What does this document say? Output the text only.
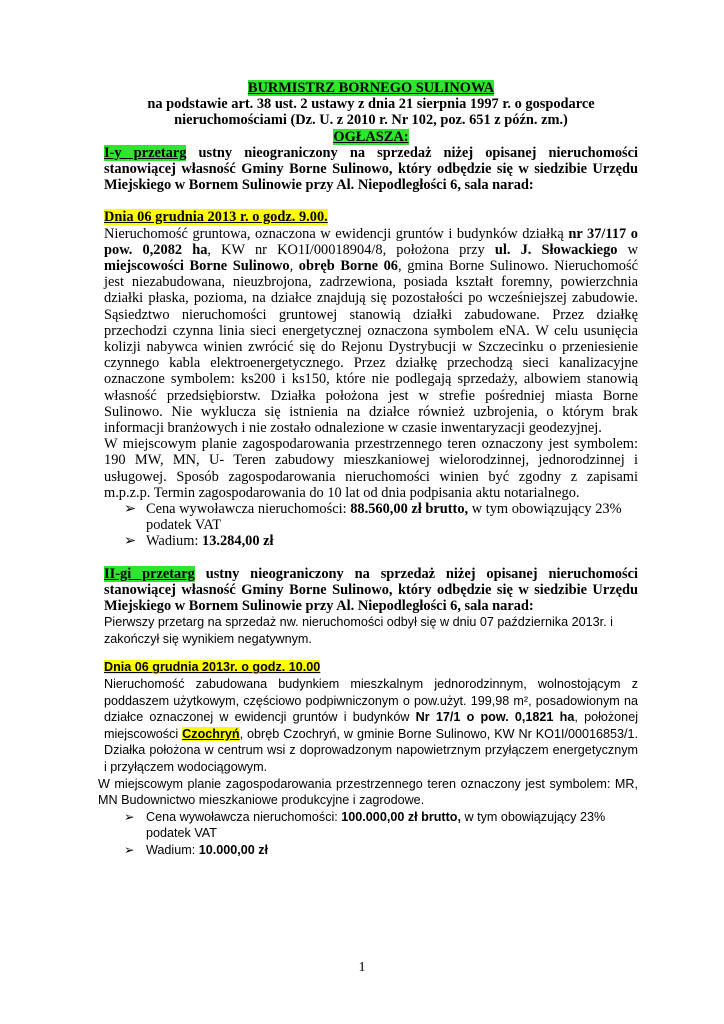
BURMISTRZ BORNEGO SULINOWA
na podstawie art. 38 ust. 2 ustawy z dnia 21 sierpnia 1997 r. o gospodarce
nieruchomościami (Dz. U. z 2010 r. Nr 102, poz. 651 z późn. zm.)
OGŁASZA:
I-y przetarg ustny nieograniczony na sprzedaż niżej opisanej nieruchomości stanowiącej własność Gminy Borne Sulinowo, który odbędzie się w siedzibie Urzędu Miejskiego w Bornem Sulinowie przy Al. Niepodległości 6, sala narad:
Dnia 06 grudnia 2013 r. o godz. 9.00.
Nieruchomość gruntowa, oznaczona w ewidencji gruntów i budynków działką nr 37/117 o pow. 0,2082 ha, KW nr KO1I/00018904/8, położona przy ul. J. Słowackiego w miejscowości Borne Sulinowo, obręb Borne 06, gmina Borne Sulinowo. Nieruchomość jest niezabudowana, nieuzbrojona, zadrzewiona, posiada kształt foremny, powierzchnia działki płaska, pozioma, na działce znajdują się pozostałości po wcześniejszej zabudowie. Sąsiedztwo nieruchomości gruntowej stanowią działki zabudowane. Przez działkę przechodzi czynna linia sieci energetycznej oznaczona symbolem eNA. W celu usunięcia kolizji nabywca winien zwrócić się do Rejonu Dystrybucji w Szczecinku o przeniesienie czynnego kabla elektroenergetycznego. Przez działkę przechodzą sieci kanalizacyjne oznaczone symbolem: ks200 i ks150, które nie podlegają sprzedaży, albowiem stanowią własność przedsiębiorstw. Działka położona jest w strefie pośredniej miasta Borne Sulinowo. Nie wyklucza się istnienia na działce również uzbrojenia, o którym brak informacji branżowych i nie zostało odnalezione w czasie inwentaryzacji geodezyjnej.
W miejscowym planie zagospodarowania przestrzennego teren oznaczony jest symbolem: 190 MW, MN, U- Teren zabudowy mieszkaniowej wielorodzinnej, jednorodzinnej i usługowej. Sposób zagospodarowania nieruchomości winien być zgodny z zapisami m.p.z.p. Termin zagospodarowania do 10 lat od dnia podpisania aktu notarialnego.
➢ Cena wywoławcza nieruchomości: 88.560,00 zł brutto, w tym obowiązujący 23% podatek VAT
➢ Wadium: 13.284,00 zł
II-gi przetarg ustny nieograniczony na sprzedaż niżej opisanej nieruchomości stanowiącej własność Gminy Borne Sulinowo, który odbędzie się w siedzibie Urzędu Miejskiego w Bornem Sulinowie przy Al. Niepodległości 6, sala narad:
Pierwszy przetarg na sprzedaż nw. nieruchomości odbył się w dniu 07 października 2013r. i zakończył się wynikiem negatywnym.
Dnia 06 grudnia 2013r. o godz. 10.00
Nieruchomość zabudowana budynkiem mieszkalnym jednorodzinnym, wolnostojącym z poddaszem użytkowym, częściowo podpiwniczonym o pow.użyt. 199,98 m², posadowionym na działce oznaczonej w ewidencji gruntów i budynków Nr 17/1 o pow. 0,1821 ha, położonej miejscowości Czochryń, obręb Czochryń, w gminie Borne Sulinowo, KW Nr KO1I/00016853/1. Działka położona w centrum wsi z doprowadzonym napowietrznym przyłączem energetycznym i przyłączem wodociągowym.
W miejscowym planie zagospodarowania przestrzennego teren oznaczony jest symbolem: MR, MN Budownictwo mieszkaniowe produkcyjne i zagrodowe.
➢ Cena wywoławcza nieruchomości: 100.000,00 zł brutto, w tym obowiązujący 23% podatek VAT
➢ Wadium: 10.000,00 zł
1
